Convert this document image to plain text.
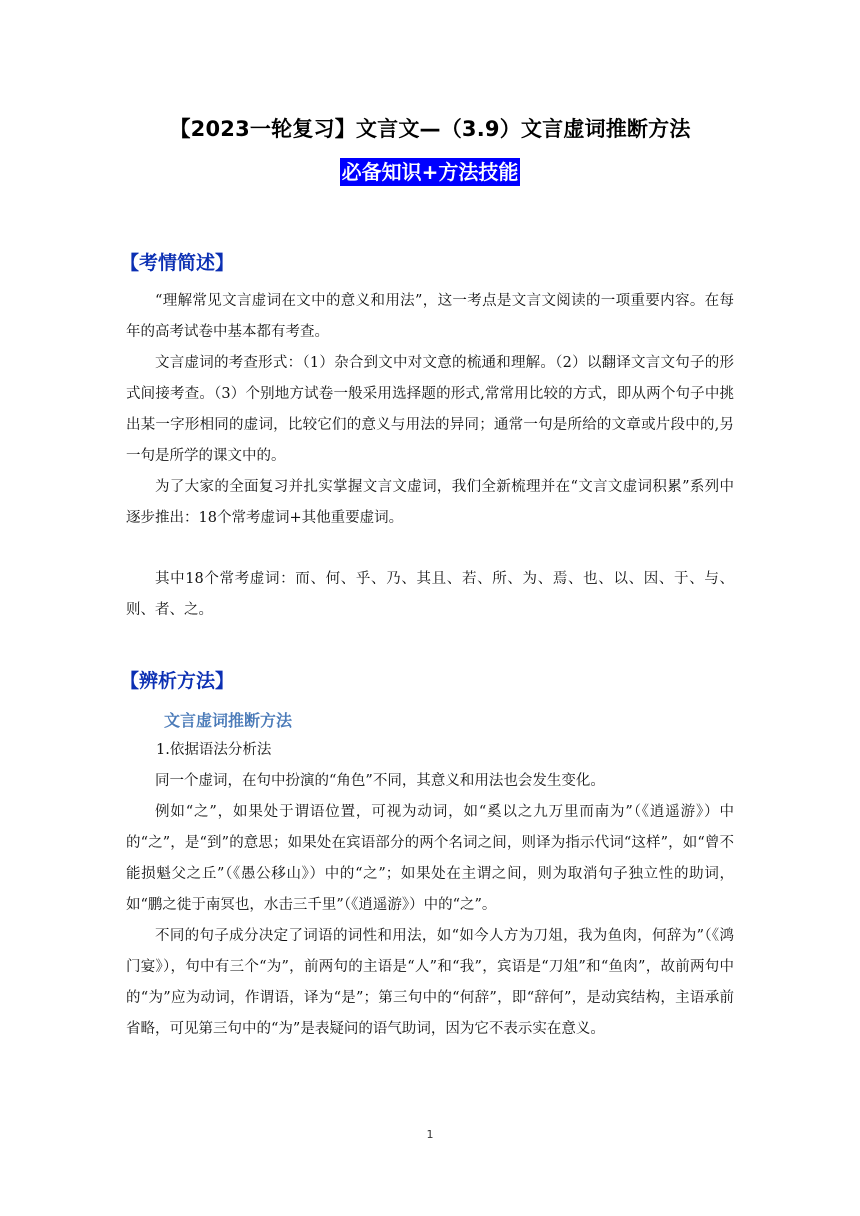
【2023一轮复习】文言文—（3.9）文言虚词推断方法
必备知识+方法技能
【考情简述】
“理解常见文言虚词在文中的意义和用法”，这一考点是文言文阅读的一项重要内容。在每年的高考试卷中基本都有考查。
文言虚词的考查形式：（1）杂合到文中对文意的梳通和理解。（2）以翻译文言文句子的形式间接考查。（3）个别地方试卷一般采用选择题的形式,常常用比较的方式，即从两个句子中挑出某一字形相同的虚词，比较它们的意义与用法的异同；通常一句是所给的文章或片段中的,另一句是所学的课文中的。
为了大家的全面复习并扎实掌握文言文虚词，我们全新梳理并在“文言文虚词积累”系列中逐步推出：18个常考虚词+其他重要虚词。
其中18个常考虚词：而、何、乎、乃、其且、若、所、为、焉、也、以、因、于、与、则、者、之。
【辨析方法】
文言虚词推断方法
1.依据语法分析法
同一个虚词，在句中扮演的“角色”不同，其意义和用法也会发生变化。
例如“之”，如果处于谓语位置，可视为动词，如“奚以之九万里而南为”（《逍遥游》）中的“之”，是“到”的意思；如果处在宾语部分的两个名词之间，则译为指示代词“这样”，如“曾不能损魁父之丘”（《愚公移山》）中的“之”；如果处在主谓之间，则为取消句子独立性的助词，如“鹏之徙于南冥也，水击三千里”（《逍遥游》）中的“之”。
不同的句子成分决定了词语的词性和用法，如“如今人方为刀俎，我为鱼肉，何辞为”（《鸿门宴》），句中有三个“为”，前两句的主语是“人”和“我”，宾语是“刀俎”和“鱼肉”，故前两句中的“为”应为动词，作谓语，译为“是”；第三句中的“何辞”，即“辞何”，是动宾结构，主语承前省略，可见第三句中的“为”是表疑问的语气助词，因为它不表示实在意义。
1
